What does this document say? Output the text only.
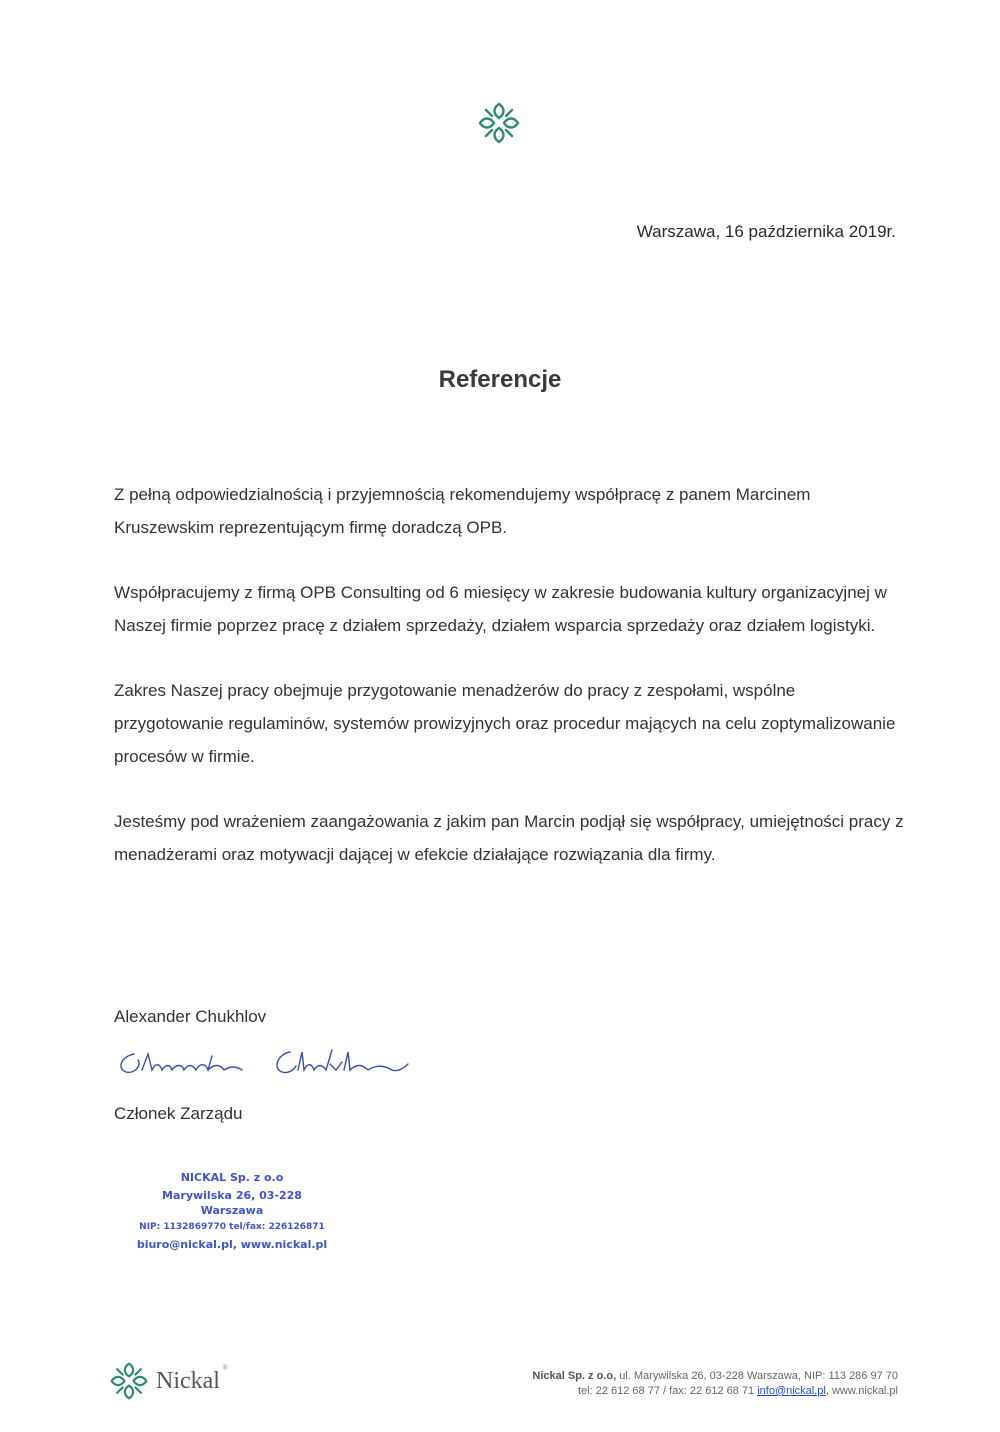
Warszawa, 16 października 2019r.
Referencje

Z pełną odpowiedzialnością i przyjemnością rekomendujemy współpracę z panem Marcinem Kruszewskim reprezentującym firmę doradczą OPB.

Współpracujemy z firmą OPB Consulting od 6 miesięcy w zakresie budowania kultury organizacyjnej w Naszej firmie poprzez pracę z działem sprzedaży, działem wsparcia sprzedaży oraz działem logistyki.

Zakres Naszej pracy obejmuje przygotowanie menadżerów do pracy z zespołami, wspólne przygotowanie regulaminów, systemów prowizyjnych oraz procedur mających na celu zoptymalizowanie procesów w firmie.

Jesteśmy pod wrażeniem zaangażowania z jakim pan Marcin podjął się współpracy, umiejętności pracy z menadżerami oraz motywacji dającej w efekcie działające rozwiązania dla firmy.

Alexander Chukhlov
Członek Zarządu
NICKAL Sp. z o.o
Marywilska 26, 03-228 Warszawa
NIP: 1132869770 tel/fax: 226126871
biuro@nickal.pl, www.nickal.pl
Nickal ®
Nickal Sp. z o.o, ul. Marywilska 26, 03-228 Warszawa, NIP: 113 286 97 70
tel: 22 612 68 77 / fax: 22 612 68 71 info@nickal.pl, www.nickal.pl
